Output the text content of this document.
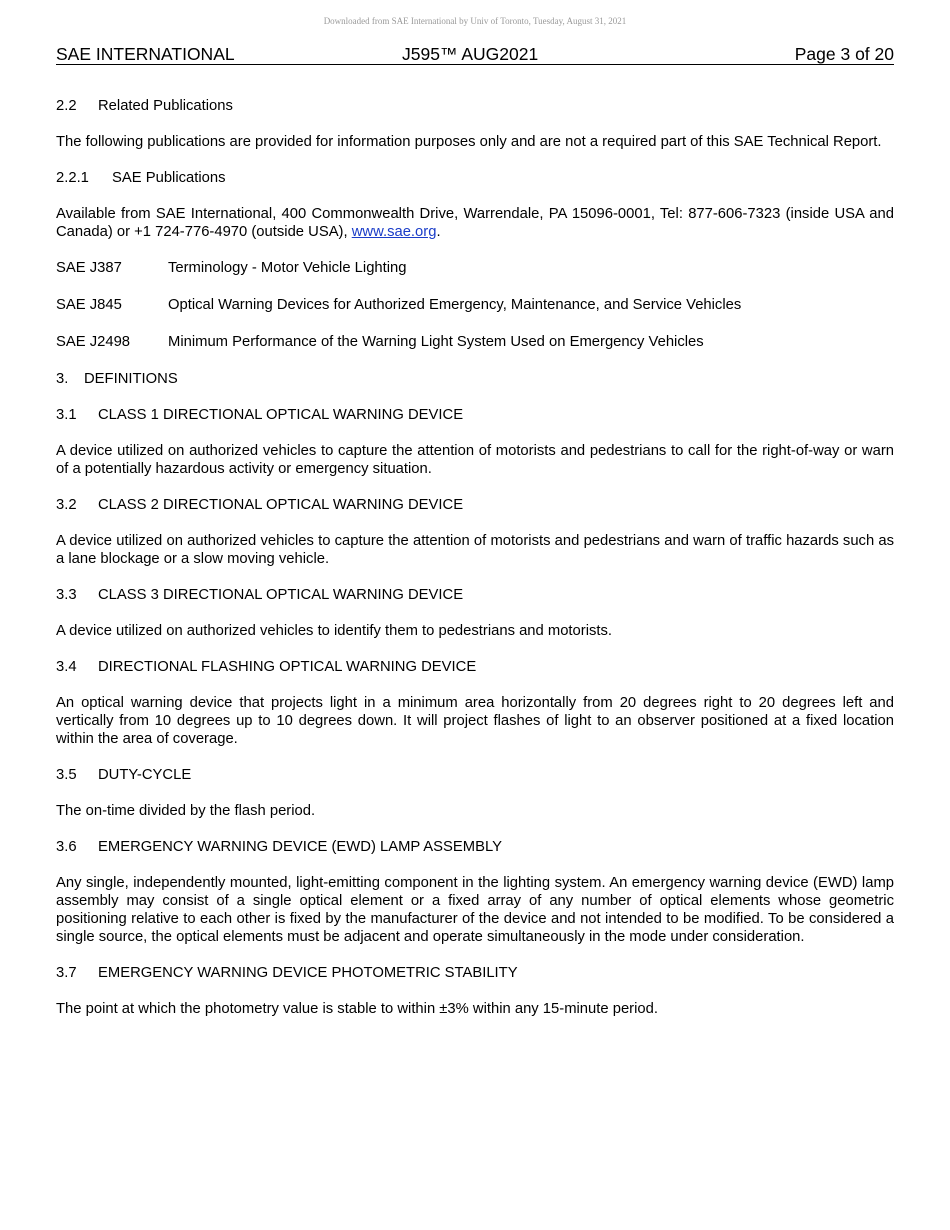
Downloaded from SAE International by Univ of Toronto, Tuesday, August 31, 2021
SAE INTERNATIONAL	J595™ AUG2021	Page 3 of 20
2.2 Related Publications

The following publications are provided for information purposes only and are not a required part of this SAE Technical Report.

2.2.1 SAE Publications

Available from SAE International, 400 Commonwealth Drive, Warrendale, PA 15096-0001, Tel: 877-606-7323 (inside USA and Canada) or +1 724-776-4970 (outside USA), www.sae.org.

SAE J387	Terminology - Motor Vehicle Lighting
SAE J845	Optical Warning Devices for Authorized Emergency, Maintenance, and Service Vehicles
SAE J2498	Minimum Performance of the Warning Light System Used on Emergency Vehicles
3. DEFINITIONS
3.1 CLASS 1 DIRECTIONAL OPTICAL WARNING DEVICE

A device utilized on authorized vehicles to capture the attention of motorists and pedestrians to call for the right-of-way or warn of a potentially hazardous activity or emergency situation.

3.2 CLASS 2 DIRECTIONAL OPTICAL WARNING DEVICE

A device utilized on authorized vehicles to capture the attention of motorists and pedestrians and warn of traffic hazards such as a lane blockage or a slow moving vehicle.

3.3 CLASS 3 DIRECTIONAL OPTICAL WARNING DEVICE

A device utilized on authorized vehicles to identify them to pedestrians and motorists.

3.4 DIRECTIONAL FLASHING OPTICAL WARNING DEVICE

An optical warning device that projects light in a minimum area horizontally from 20 degrees right to 20 degrees left and vertically from 10 degrees up to 10 degrees down. It will project flashes of light to an observer positioned at a fixed location within the area of coverage.

3.5 DUTY-CYCLE

The on-time divided by the flash period.

3.6 EMERGENCY WARNING DEVICE (EWD) LAMP ASSEMBLY

Any single, independently mounted, light-emitting component in the lighting system. An emergency warning device (EWD) lamp assembly may consist of a single optical element or a fixed array of any number of optical elements whose geometric positioning relative to each other is fixed by the manufacturer of the device and not intended to be modified. To be considered a single source, the optical elements must be adjacent and operate simultaneously in the mode under consideration.

3.7 EMERGENCY WARNING DEVICE PHOTOMETRIC STABILITY

The point at which the photometry value is stable to within ±3% within any 15-minute period.
